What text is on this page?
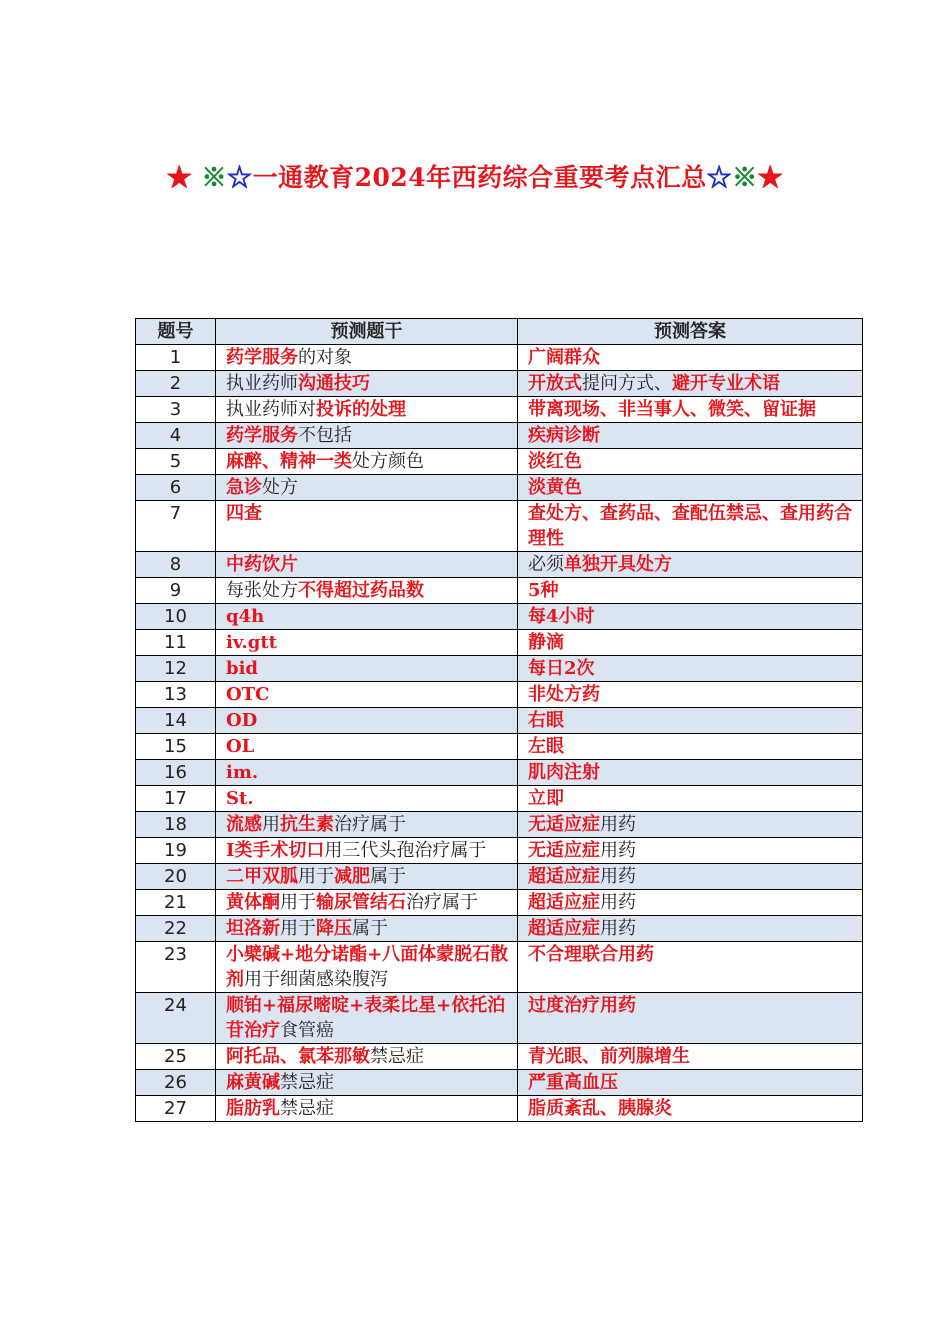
★ ※☆一通教育2024年西药综合重要考点汇总☆※★
题号	预测题干	预测答案
1	药学服务的对象	广阔群众
2	执业药师沟通技巧	开放式提问方式、避开专业术语
3	执业药师对投诉的处理	带离现场、非当事人、微笑、留证据
4	药学服务不包括	疾病诊断
5	麻醉、精神一类处方颜色	淡红色
6	急诊处方	淡黄色
7	四查	查处方、查药品、查配伍禁忌、查用药合理性
8	中药饮片	必须单独开具处方
9	每张处方不得超过药品数	5种
10	q4h	每4小时
11	iv.gtt	静滴
12	bid	每日2次
13	OTC	非处方药
14	OD	右眼
15	OL	左眼
16	im.	肌肉注射
17	St.	立即
18	流感用抗生素治疗属于	无适应症用药
19	I类手术切口用三代头孢治疗属于	无适应症用药
20	二甲双胍用于减肥属于	超适应症用药
21	黄体酮用于输尿管结石治疗属于	超适应症用药
22	坦洛新用于降压属于	超适应症用药
23	小檗碱+地分诺酯+八面体蒙脱石散剂用于细菌感染腹泻	不合理联合用药
24	顺铂+福尿嘧啶+表柔比星+依托泊苷治疗食管癌	过度治疗用药
25	阿托品、氯苯那敏禁忌症	青光眼、前列腺增生
26	麻黄碱禁忌症	严重高血压
27	脂肪乳禁忌症	脂质紊乱、胰腺炎
